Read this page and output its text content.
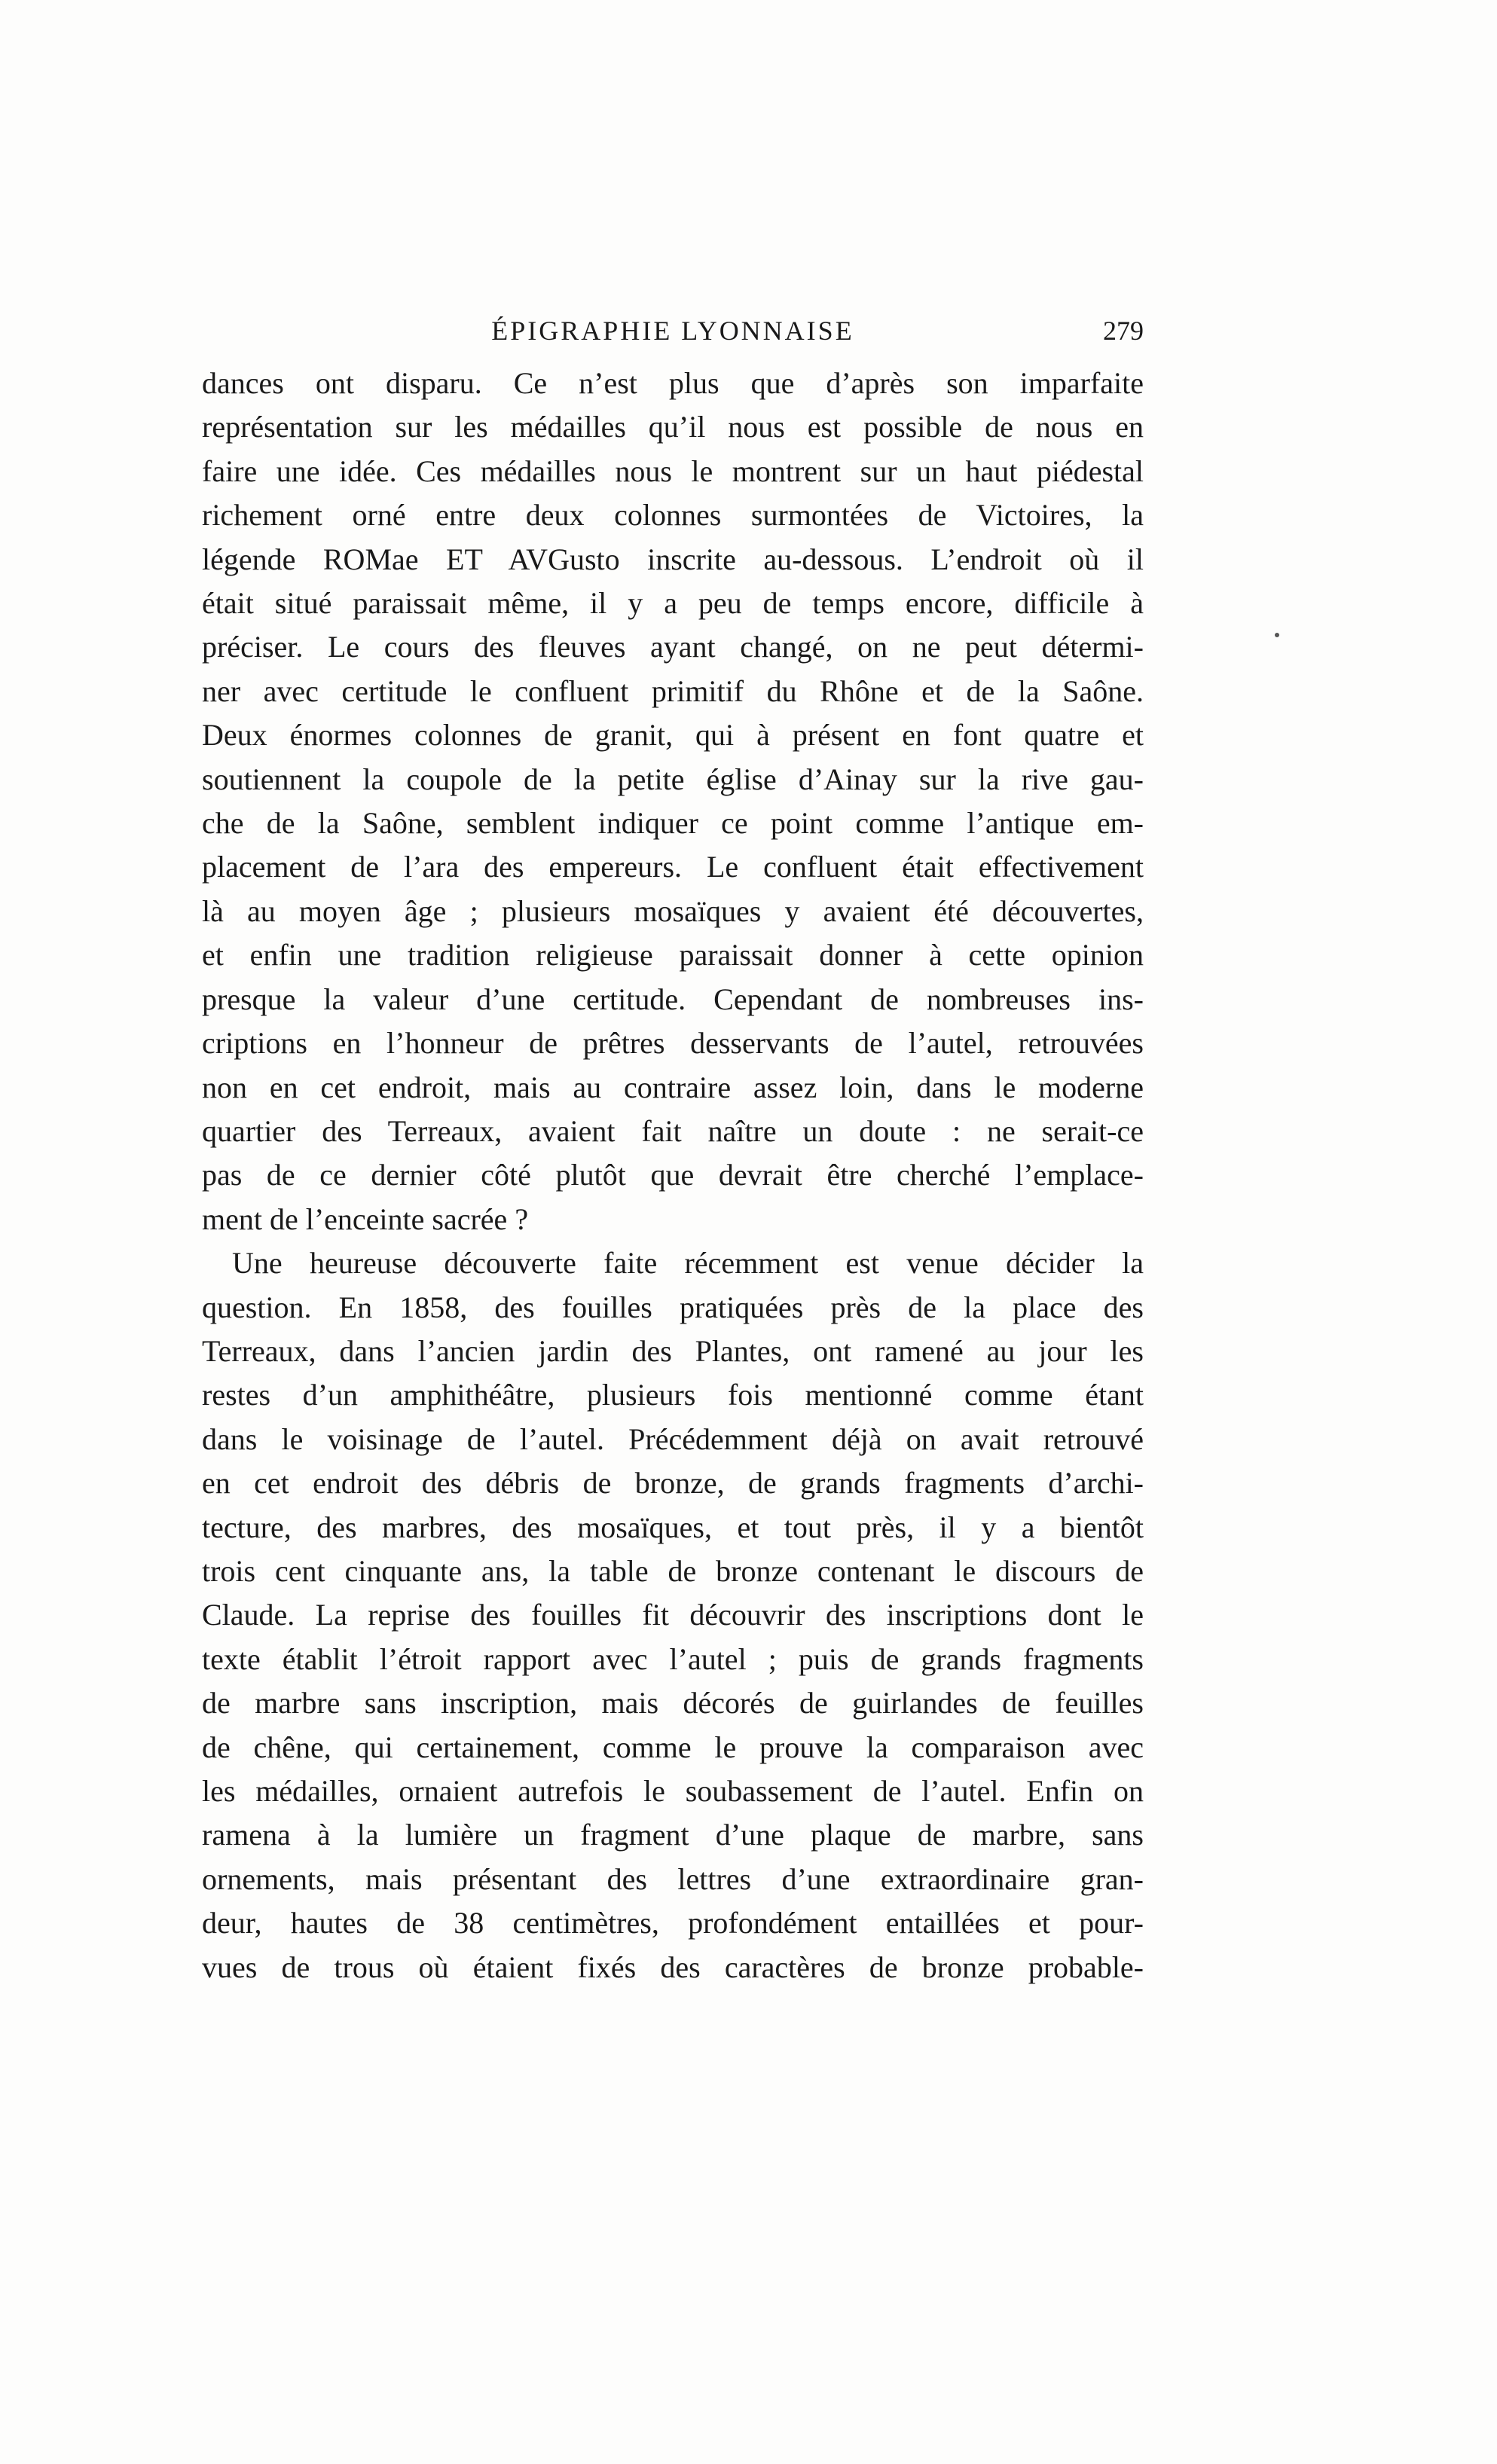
ÉPIGRAPHIE LYONNAISE	279

dances ont disparu. Ce n’est plus que d’après son imparfaite
représentation sur les médailles qu’il nous est possible de nous en
faire une idée. Ces médailles nous le montrent sur un haut piédestal
richement orné entre deux colonnes surmontées de Victoires, la
légende ROMae ET AVGusto inscrite au-dessous. L’endroit où il
était situé paraissait même, il y a peu de temps encore, difficile à
préciser. Le cours des fleuves ayant changé, on ne peut détermi-
ner avec certitude le confluent primitif du Rhône et de la Saône.
Deux énormes colonnes de granit, qui à présent en font quatre et
soutiennent la coupole de la petite église d’Ainay sur la rive gau-
che de la Saône, semblent indiquer ce point comme l’antique em-
placement de l’ara des empereurs. Le confluent était effectivement
là au moyen âge ; plusieurs mosaïques y avaient été découvertes,
et enfin une tradition religieuse paraissait donner à cette opinion
presque la valeur d’une certitude. Cependant de nombreuses ins-
criptions en l’honneur de prêtres desservants de l’autel, retrouvées
non en cet endroit, mais au contraire assez loin, dans le moderne
quartier des Terreaux, avaient fait naître un doute : ne serait-ce
pas de ce dernier côté plutôt que devrait être cherché l’emplace-
ment de l’enceinte sacrée ?

Une heureuse découverte faite récemment est venue décider la
question. En 1858, des fouilles pratiquées près de la place des
Terreaux, dans l’ancien jardin des Plantes, ont ramené au jour les
restes d’un amphithéâtre, plusieurs fois mentionné comme étant
dans le voisinage de l’autel. Précédemment déjà on avait retrouvé
en cet endroit des débris de bronze, de grands fragments d’archi-
tecture, des marbres, des mosaïques, et tout près, il y a bientôt
trois cent cinquante ans, la table de bronze contenant le discours de
Claude. La reprise des fouilles fit découvrir des inscriptions dont le
texte établit l’étroit rapport avec l’autel ; puis de grands fragments
de marbre sans inscription, mais décorés de guirlandes de feuilles
de chêne, qui certainement, comme le prouve la comparaison avec
les médailles, ornaient autrefois le soubassement de l’autel. Enfin on
ramena à la lumière un fragment d’une plaque de marbre, sans
ornements, mais présentant des lettres d’une extraordinaire gran-
deur, hautes de 38 centimètres, profondément entaillées et pour-
vues de trous où étaient fixés des caractères de bronze probable-
